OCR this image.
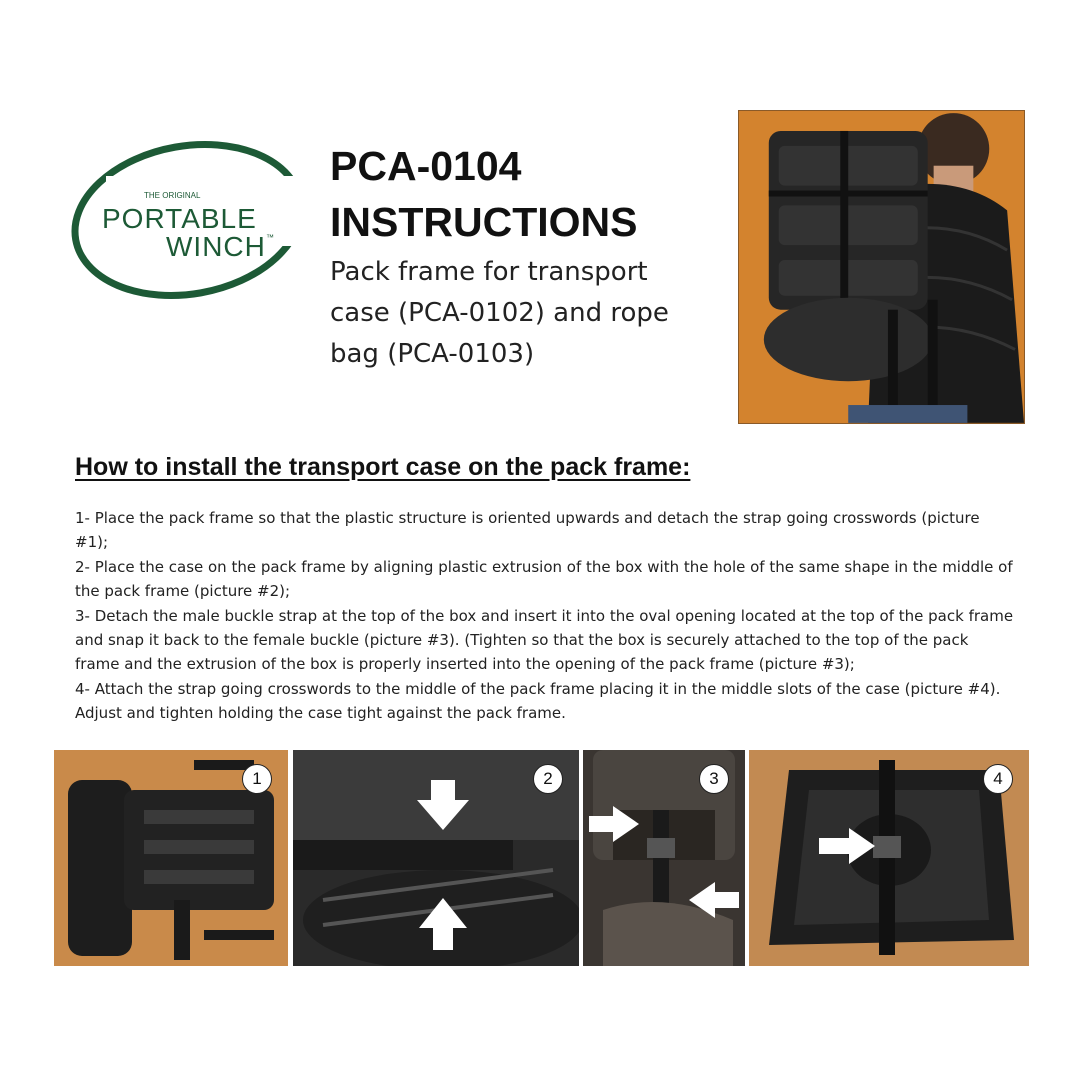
THE ORIGINAL
PORTABLE
WINCH ™
PCA-0104
INSTRUCTIONS
Pack frame for transport case (PCA-0102) and rope bag (PCA-0103)
How to install the transport case on the pack frame:
1- Place the pack frame so that the plastic structure is oriented upwards and detach the strap going crosswords (picture #1);
2- Place the case on the pack frame by aligning plastic extrusion of the box with the hole of the same shape in the middle of the pack frame (picture #2);
3- Detach the male buckle strap at the top of the box and insert it into the oval opening located at the top of the pack frame and snap it back to the female buckle (picture #3). (Tighten so that the box is securely attached to the top of the pack frame and the extrusion of the box is properly inserted into the opening of the pack frame (picture #3);
4- Attach the strap going crosswords to the middle of the pack frame placing it in the middle slots of the case (picture #4). Adjust and tighten holding the case tight against the pack frame.
1	2	3	4
